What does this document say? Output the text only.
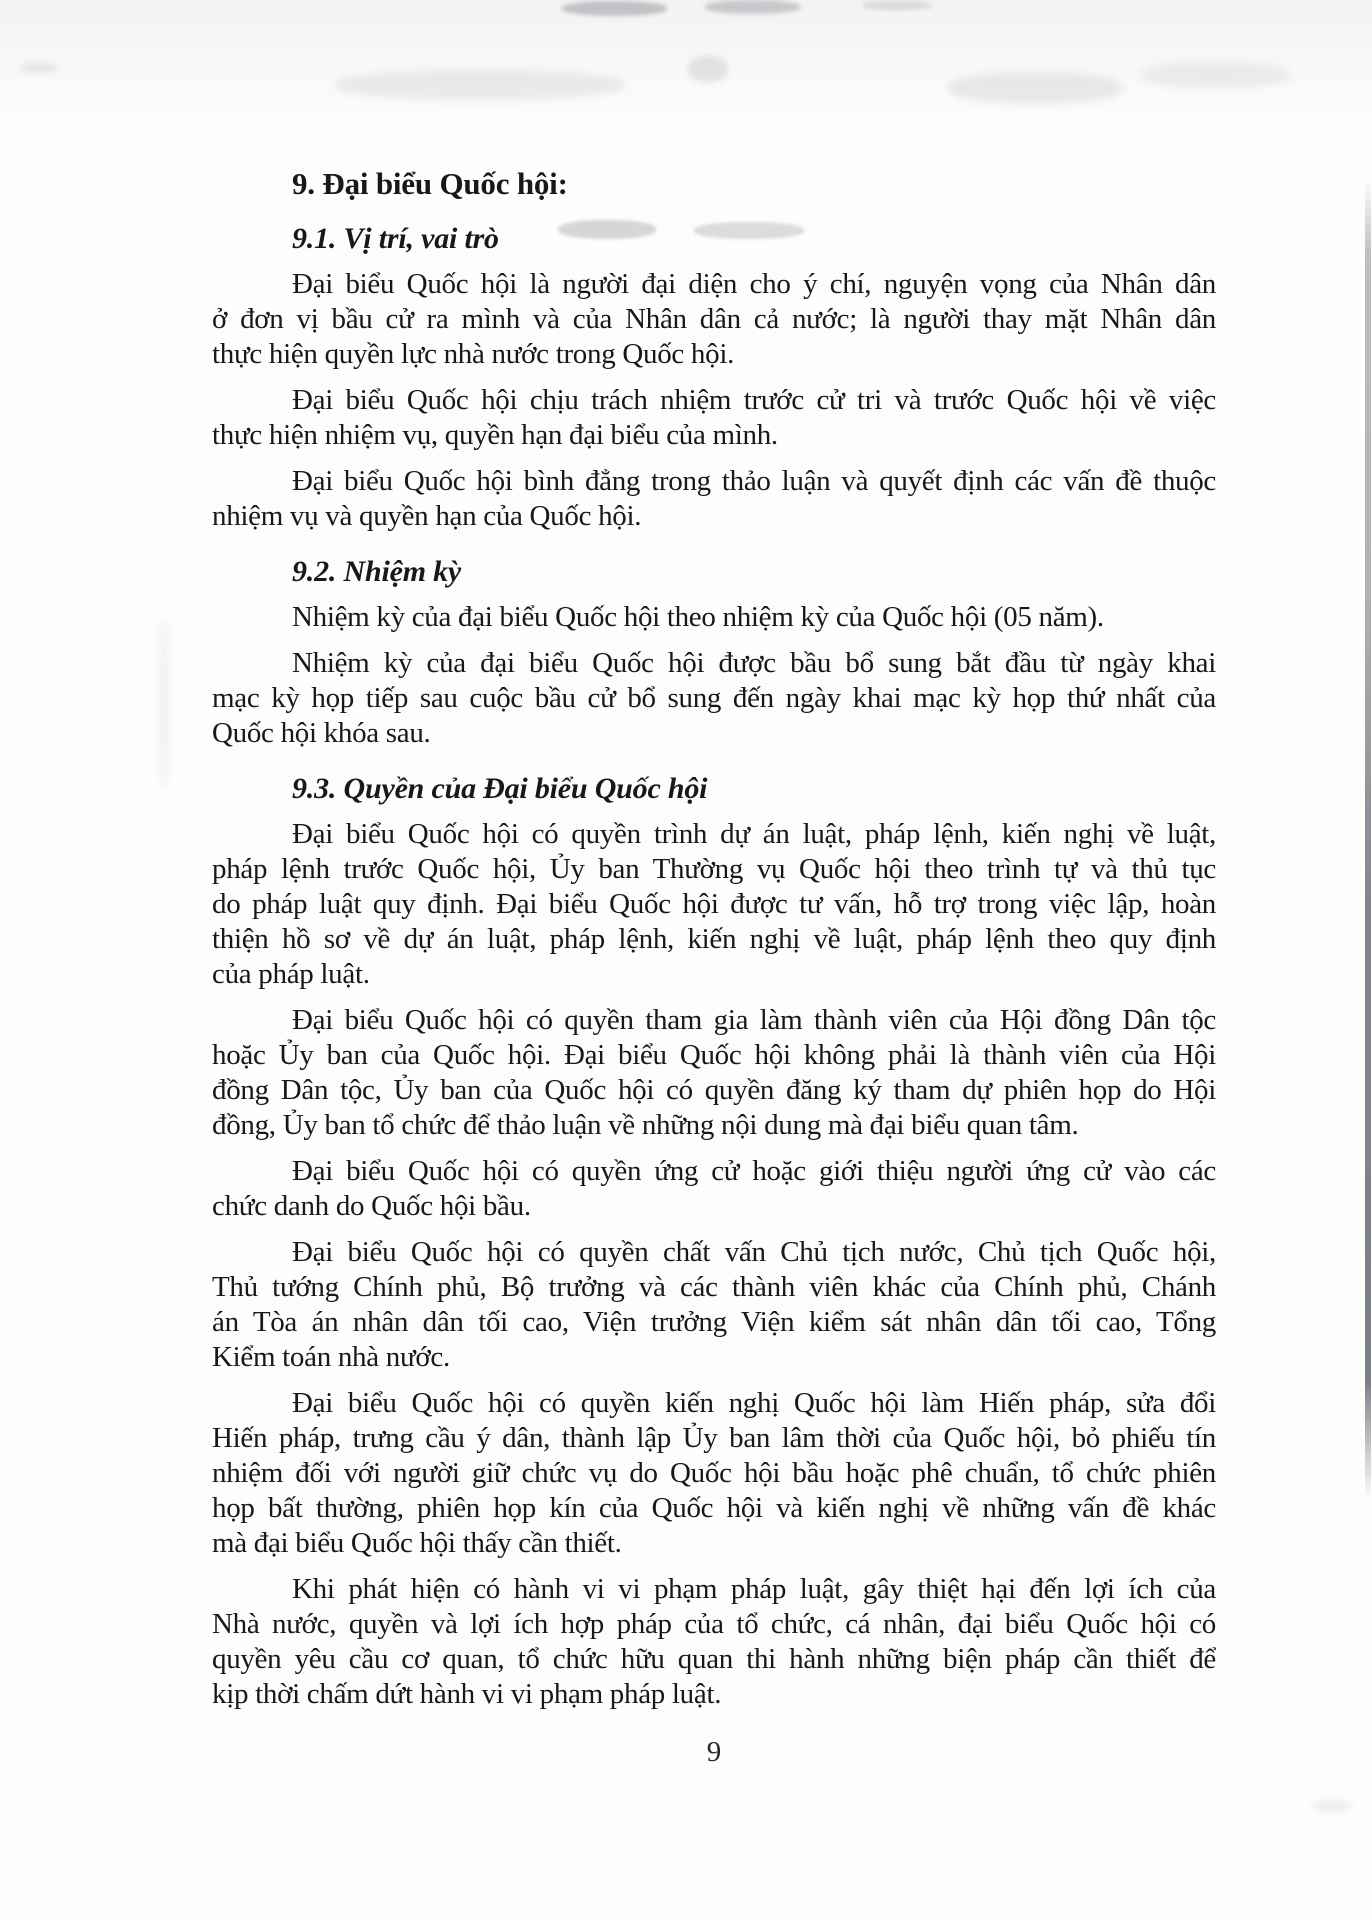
9. Đại biểu Quốc hội:
9.1. Vị trí, vai trò
Đại biểu Quốc hội là người đại diện cho ý chí, nguyện vọng của Nhân dân
ở đơn vị bầu cử ra mình và của Nhân dân cả nước; là người thay mặt Nhân dân
thực hiện quyền lực nhà nước trong Quốc hội.
Đại biểu Quốc hội chịu trách nhiệm trước cử tri và trước Quốc hội về việc
thực hiện nhiệm vụ, quyền hạn đại biểu của mình.
Đại biểu Quốc hội bình đẳng trong thảo luận và quyết định các vấn đề thuộc
nhiệm vụ và quyền hạn của Quốc hội.
9.2. Nhiệm kỳ
Nhiệm kỳ của đại biểu Quốc hội theo nhiệm kỳ của Quốc hội (05 năm).
Nhiệm kỳ của đại biểu Quốc hội được bầu bổ sung bắt đầu từ ngày khai
mạc kỳ họp tiếp sau cuộc bầu cử bổ sung đến ngày khai mạc kỳ họp thứ nhất của
Quốc hội khóa sau.
9.3. Quyền của Đại biểu Quốc hội
Đại biểu Quốc hội có quyền trình dự án luật, pháp lệnh, kiến nghị về luật,
pháp lệnh trước Quốc hội, Ủy ban Thường vụ Quốc hội theo trình tự và thủ tục
do pháp luật quy định. Đại biểu Quốc hội được tư vấn, hỗ trợ trong việc lập, hoàn
thiện hồ sơ về dự án luật, pháp lệnh, kiến nghị về luật, pháp lệnh theo quy định
của pháp luật.
Đại biểu Quốc hội có quyền tham gia làm thành viên của Hội đồng Dân tộc
hoặc Ủy ban của Quốc hội. Đại biểu Quốc hội không phải là thành viên của Hội
đồng Dân tộc, Ủy ban của Quốc hội có quyền đăng ký tham dự phiên họp do Hội
đồng, Ủy ban tổ chức để thảo luận về những nội dung mà đại biểu quan tâm.
Đại biểu Quốc hội có quyền ứng cử hoặc giới thiệu người ứng cử vào các
chức danh do Quốc hội bầu.
Đại biểu Quốc hội có quyền chất vấn Chủ tịch nước, Chủ tịch Quốc hội,
Thủ tướng Chính phủ, Bộ trưởng và các thành viên khác của Chính phủ, Chánh
án Tòa án nhân dân tối cao, Viện trưởng Viện kiểm sát nhân dân tối cao, Tổng
Kiểm toán nhà nước.
Đại biểu Quốc hội có quyền kiến nghị Quốc hội làm Hiến pháp, sửa đổi
Hiến pháp, trưng cầu ý dân, thành lập Ủy ban lâm thời của Quốc hội, bỏ phiếu tín
nhiệm đối với người giữ chức vụ do Quốc hội bầu hoặc phê chuẩn, tổ chức phiên
họp bất thường, phiên họp kín của Quốc hội và kiến nghị về những vấn đề khác
mà đại biểu Quốc hội thấy cần thiết.
Khi phát hiện có hành vi vi phạm pháp luật, gây thiệt hại đến lợi ích của
Nhà nước, quyền và lợi ích hợp pháp của tổ chức, cá nhân, đại biểu Quốc hội có
quyền yêu cầu cơ quan, tổ chức hữu quan thi hành những biện pháp cần thiết để
kịp thời chấm dứt hành vi vi phạm pháp luật.
9
